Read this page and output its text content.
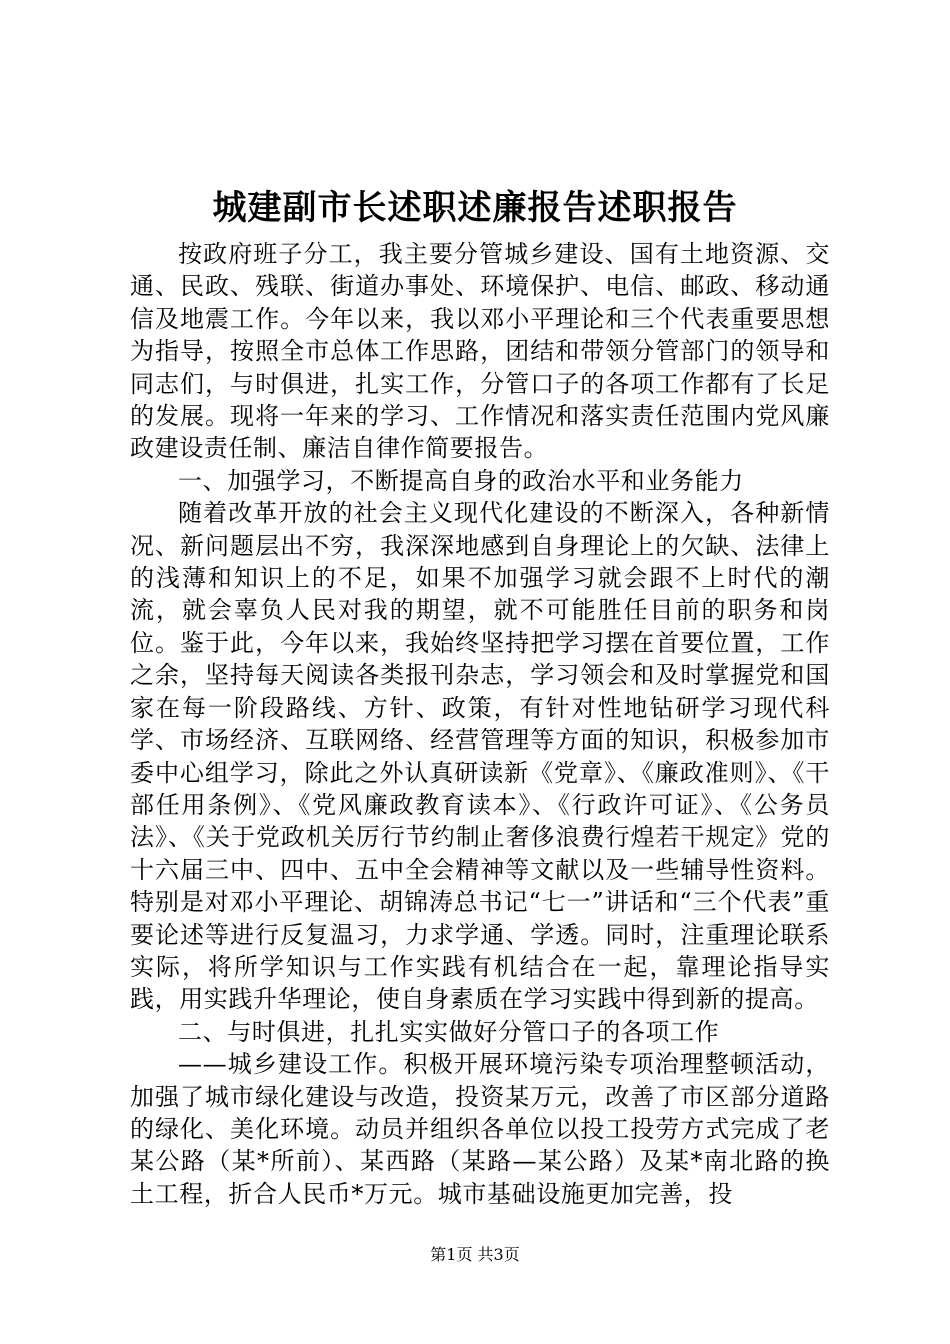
城建副市长述职述廉报告述职报告

按政府班子分工，我主要分管城乡建设、国有土地资源、交通、民政、残联、街道办事处、环境保护、电信、邮政、移动通信及地震工作。今年以来，我以邓小平理论和三个代表重要思想为指导，按照全市总体工作思路，团结和带领分管部门的领导和同志们，与时俱进，扎实工作，分管口子的各项工作都有了长足的发展。现将一年来的学习、工作情况和落实责任范围内党风廉政建设责任制、廉洁自律作简要报告。

一、加强学习，不断提高自身的政治水平和业务能力

随着改革开放的社会主义现代化建设的不断深入，各种新情况、新问题层出不穷，我深深地感到自身理论上的欠缺、法律上的浅薄和知识上的不足，如果不加强学习就会跟不上时代的潮流，就会辜负人民对我的期望，就不可能胜任目前的职务和岗位。鉴于此，今年以来，我始终坚持把学习摆在首要位置，工作之余，坚持每天阅读各类报刊杂志，学习领会和及时掌握党和国家在每一阶段路线、方针、政策，有针对性地钻研学习现代科学、市场经济、互联网络、经营管理等方面的知识，积极参加市委中心组学习，除此之外认真研读新《党章》、《廉政准则》、《干部任用条例》、《党风廉政教育读本》、《行政许可证》、《公务员法》、《关于党政机关厉行节约制止奢侈浪费行煌若干规定》党的十六届三中、四中、五中全会精神等文献以及一些辅导性资料。特别是对邓小平理论、胡锦涛总书记“七一”讲话和“三个代表”重要论述等进行反复温习，力求学通、学透。同时，注重理论联系实际，将所学知识与工作实践有机结合在一起，靠理论指导实践，用实践升华理论，使自身素质在学习实践中得到新的提高。

二、与时俱进，扎扎实实做好分管口子的各项工作

——城乡建设工作。积极开展环境污染专项治理整顿活动，加强了城市绿化建设与改造，投资某万元，改善了市区部分道路的绿化、美化环境。动员并组织各单位以投工投劳方式完成了老某公路（某*所前）、某西路（某路—某公路）及某*南北路的换土工程，折合人民币*万元。城市基础设施更加完善，投

第1页 共3页
